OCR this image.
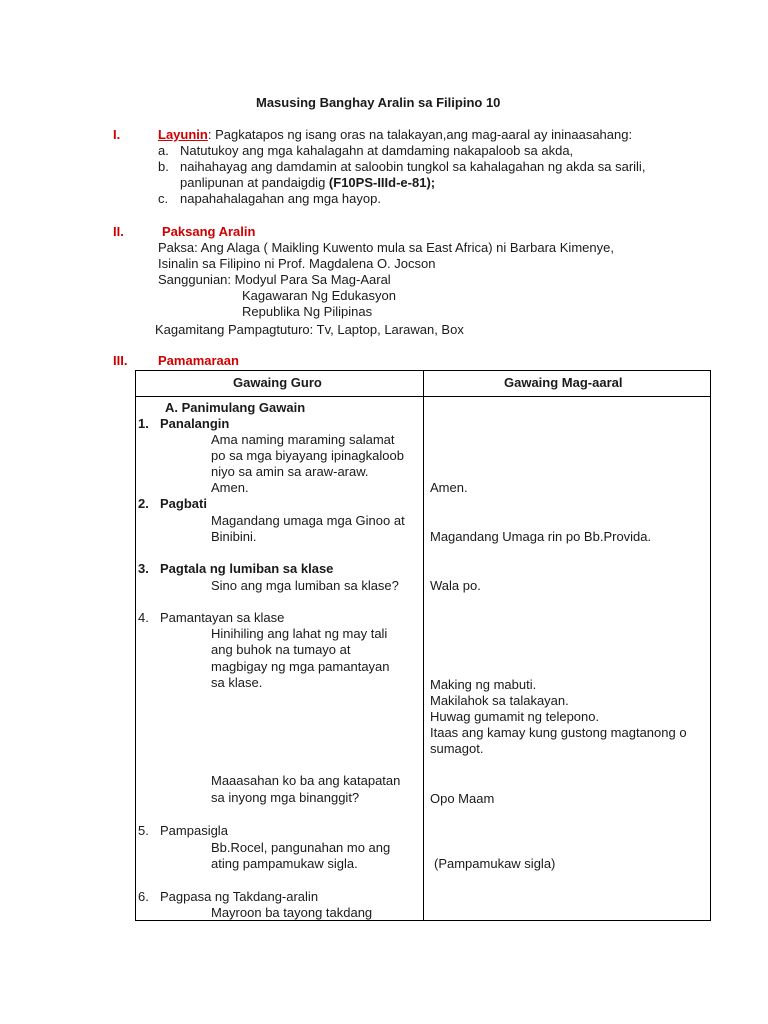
Masusing Banghay Aralin sa Filipino 10
I.	Layunin: Pagkatapos ng isang oras na talakayan,ang mag-aaral ay ininaasahang:
a. Natutukoy ang mga kahalagahn at damdaming nakapaloob sa akda,
b. naihahayag ang damdamin at saloobin tungkol sa kahalagahan ng akda sa sarili,
panlipunan at pandaigdig (F10PS-IIId-e-81);
c. napahahalagahan ang mga hayop.
II.	Paksang Aralin
Paksa: Ang Alaga ( Maikling Kuwento mula sa East Africa) ni Barbara Kimenye,
Isinalin sa Filipino ni Prof. Magdalena O. Jocson
Sanggunian: Modyul Para Sa Mag-Aaral
Kagawaran Ng Edukasyon
Republika Ng Pilipinas
Kagamitang Pampagtuturo: Tv, Laptop, Larawan, Box
III. Pamamaraan
Gawaing Guro	Gawaing Mag-aaral
A. Panimulang Gawain
1. Panalangin
Ama naming maraming salamat
po sa mga biyayang ipinagkaloob
niyo sa amin sa araw-araw.
Amen.	Amen.
2. Pagbati
Magandang umaga mga Ginoo at
Binibini.	Magandang Umaga rin po Bb.Provida.
3. Pagtala ng lumiban sa klase
Sino ang mga lumiban sa klase? Wala po.
4. Pamantayan sa klase
Hinihiling ang lahat ng may tali
ang buhok na tumayo at
magbigay ng mga pamantayan
sa klase.	Making ng mabuti.
Makilahok sa talakayan.
Huwag gumamit ng telepono.
Itaas ang kamay kung gustong magtanong o
sumagot.
Maaasahan ko ba ang katapatan
sa inyong mga binanggit?	Opo Maam
5. Pampasigla
Bb.Rocel, pangunahan mo ang
ating pampamukaw sigla.	(Pampamukaw sigla)
6. Pagpasa ng Takdang-aralin
Mayroon ba tayong takdang
